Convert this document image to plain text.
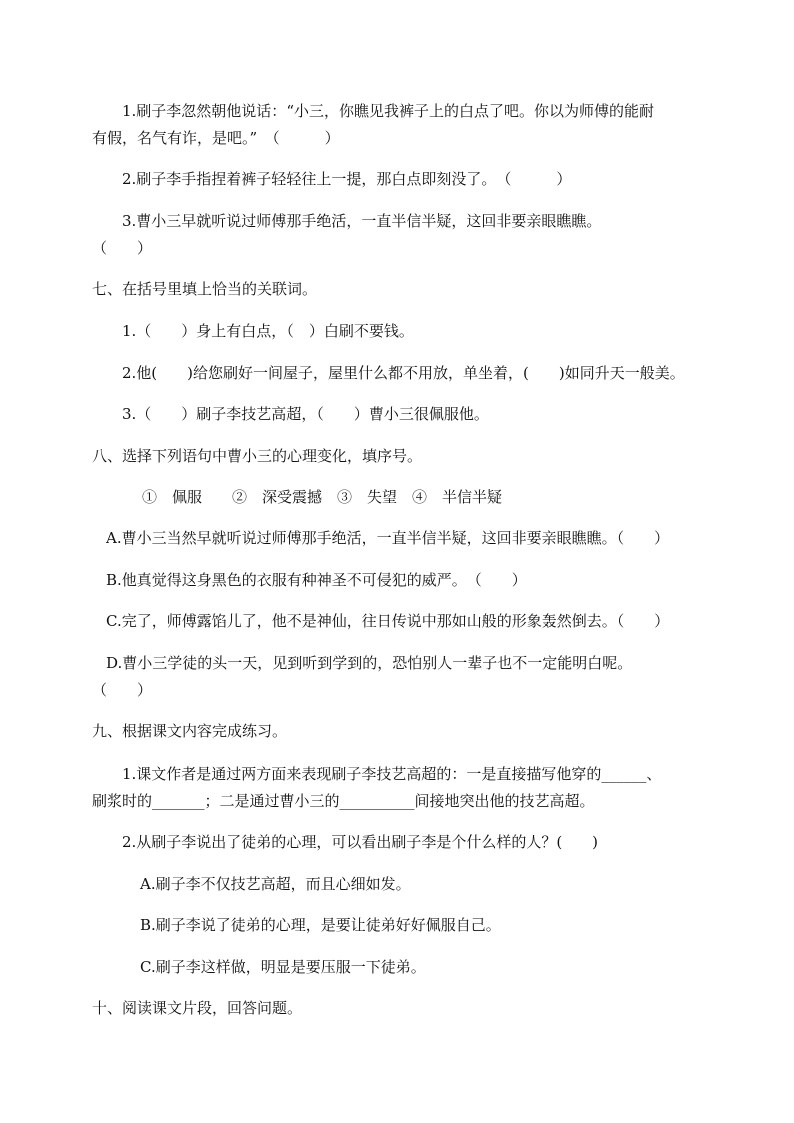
1.刷子李忽然朝他说话：“小三，你瞧见我裤子上的白点了吧。你以为师傅的能耐
有假，名气有诈，是吧。”　（　　　）
2.刷子李手指捏着裤子轻轻往上一提，那白点即刻没了。　（　　　）
3.曹小三早就听说过师傅那手绝活，一直半信半疑，这回非要亲眼瞧瞧。
（　　）
七、在括号里填上恰当的关联词。
1.（　　）身上有白点，（　）白刷不要钱。
2.他(　　)给您刷好一间屋子，屋里什么都不用放，单坐着，(　　)如同升天一般美。
3.（　　）刷子李技艺高超，（　　）曹小三很佩服他。
八、选择下列语句中曹小三的心理变化，填序号。
①　佩服　　②　深受震撼　③　失望　④　半信半疑
A.曹小三当然早就听说过师傅那手绝活，一直半信半疑，这回非要亲眼瞧瞧。（　　）
B.他真觉得这身黑色的衣服有种神圣不可侵犯的威严。　（　　）
C.完了，师傅露馅儿了，他不是神仙，往日传说中那如山般的形象轰然倒去。（　　）
D.曹小三学徒的头一天，见到听到学到的，恐怕别人一辈子也不一定能明白呢。
（　　）
九、根据课文内容完成练习。
1.课文作者是通过两方面来表现刷子李技艺高超的：一是直接描写他穿的______、
刷浆时的_______；二是通过曹小三的__________间接地突出他的技艺高超。
2.从刷子李说出了徒弟的心理，可以看出刷子李是个什么样的人？(　　)
A.刷子李不仅技艺高超，而且心细如发。
B.刷子李说了徒弟的心理，是要让徒弟好好佩服自己。
C.刷子李这样做，明显是要压服一下徒弟。
十、阅读课文片段，回答问题。
